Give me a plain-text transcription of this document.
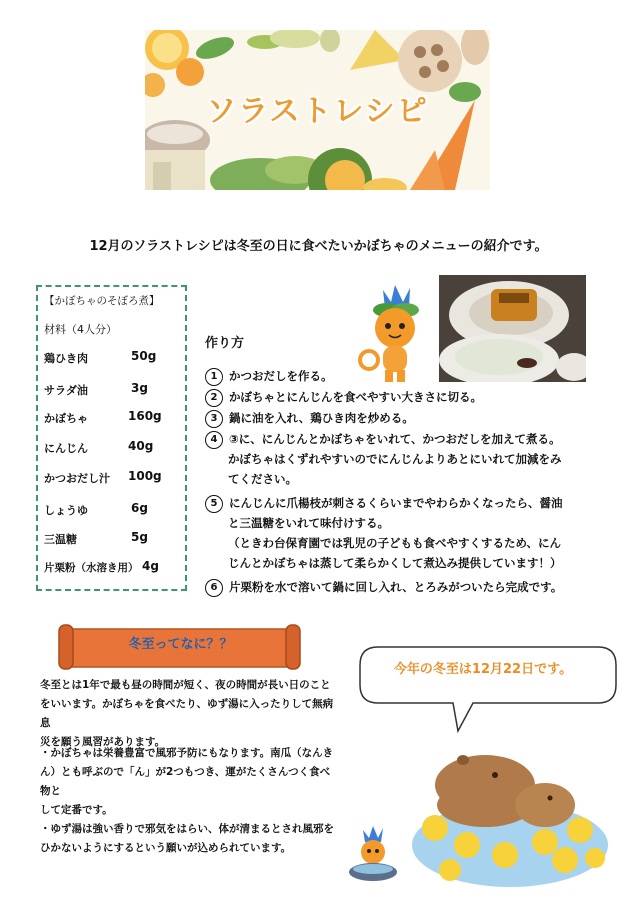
ソラストレシピ
12月のソラストレシピは冬至の日に食べたいかぼちゃのメニューの紹介です。
【かぼちゃのそぼろ煮】
材料（4人分）
鶏ひき肉	50g
サラダ油	3g
かぼちゃ	160g
にんじん	40g
かつおだし汁 100g
しょうゆ	6g
三温糖	5g
片栗粉（水溶き用） 4g
作り方
1 かつおだしを作る。
2 かぼちゃとにんじんを食べやすい大きさに切る。
3 鍋に油を入れ、鶏ひき肉を炒める。
4 ③に、にんじんとかぼちゃをいれて、かつおだしを加えて煮る。
かぼちゃはくずれやすいのでにんじんよりあとにいれて加減をみ
てください。
5 にんじんに爪楊枝が刺さるくらいまでやわらかくなったら、醤油
と三温糖をいれて味付けする。
（ときわ台保育園では乳児の子どもも食べやすくするため、にん
じんとかぼちゃは蒸して柔らかくして煮込み提供しています！）
6 片栗粉を水で溶いて鍋に回し入れ、とろみがついたら完成です。
冬至ってなに？？
冬至とは1年で最も昼の時間が短く、夜の時間が長い日のこと
をいいます。かぼちゃを食べたり、ゆず湯に入ったりして無病息
災を願う風習があります。
・かぼちゃは栄養豊富で風邪予防にもなります。南瓜（なんき
ん）とも呼ぶので「ん」が2つもつき、運がたくさんつく食べ物と
して定番です。
・ゆず湯は強い香りで邪気をはらい、体が清まるとされ風邪を
ひかないようにするという願いが込められています。
今年の冬至は12月22日です。
